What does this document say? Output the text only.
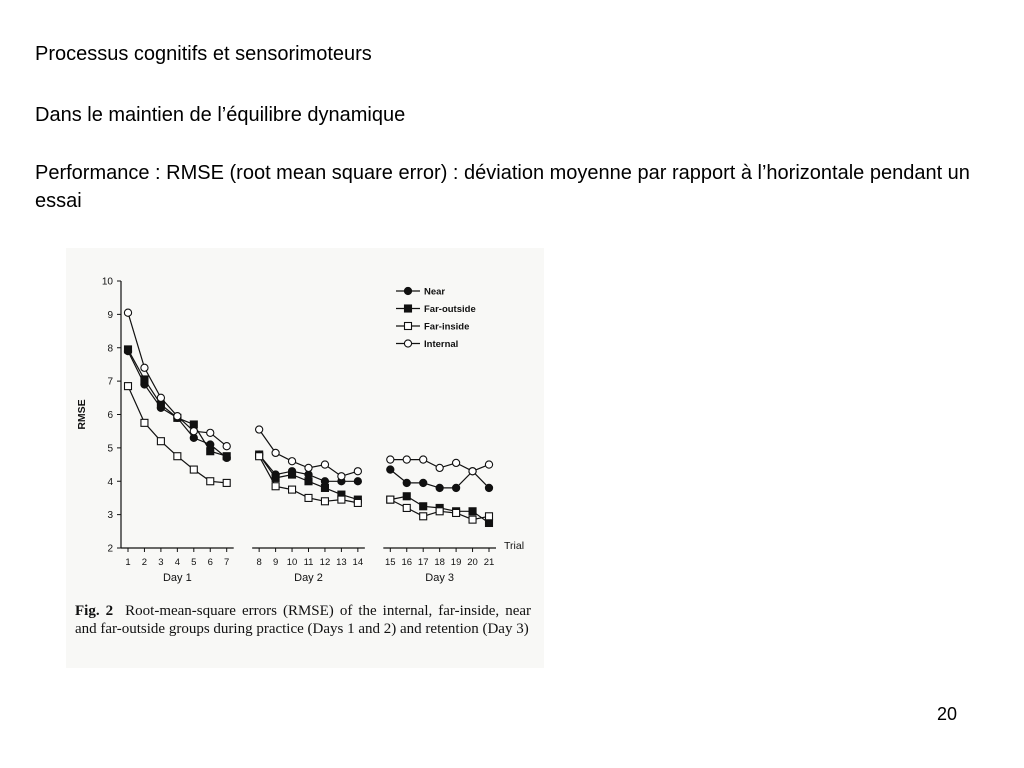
Processus cognitifs et sensorimoteurs

Dans le maintien de l’équilibre dynamique

Performance : RMSE (root mean square error) : déviation moyenne par rapport à l’horizontale pendant un essai

2
3
4
5
6
7
8
9
10
RMSE
1 2 3 4 5 6 7
Day 1
8 9 10 11 12 13 14
Day 2
15 16 17 18 19 20 21
Day 3
Trial
Near
Far-outside
Far-inside
Internal
Fig. 2 Root-mean-square errors (RMSE) of the internal, far-inside, near and far-outside groups during practice (Days 1 and 2) and retention (Day 3)
20
